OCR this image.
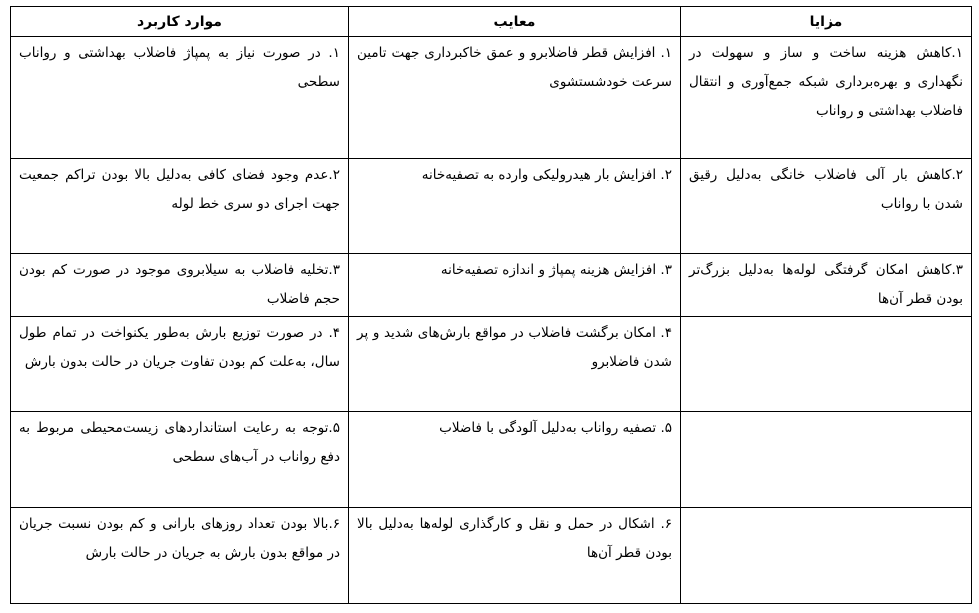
مزایا	معایب	موارد کاربرد
۱.کاهش هزینه ساخت و ساز و سهولت در نگهداری و بهره‌برداری شبکه جمع‌آوری و انتقال فاضلاب بهداشتی و رواناب	۱. افزایش قطر فاضلابرو و عمق خاکبرداری جهت تامین سرعت خودشستشوی	۱. در صورت نیاز به پمپاژ فاضلاب بهداشتی و رواناب سطحی
۲.کاهش بار آلی فاضلاب خانگی به‌دلیل رقیق شدن با رواناب	۲. افزایش بار هیدرولیکی وارده به تصفیه‌خانه	۲.عدم وجود فضای کافی به‌دلیل بالا بودن تراکم جمعیت جهت اجرای دو سری خط لوله
۳.کاهش امکان گرفتگی لوله‌ها به‌دلیل بزرگ‌تر بودن قطر آن‌ها	۳. افزایش هزینه پمپاژ و اندازه تصفیه‌خانه	۳.تخلیه فاضلاب به سیلابروی موجود در صورت کم بودن حجم فاضلاب
	۴. امکان برگشت فاضلاب در مواقع بارش‌های شدید و پر شدن فاضلابرو	۴. در صورت توزیع بارش به‌طور یکنواخت در تمام طول سال، به‌علت کم بودن تفاوت جریان در حالت بدون بارش
	۵. تصفیه رواناب به‌دلیل آلودگی با فاضلاب	۵.توجه به رعایت استانداردهای زیست‌محیطی مربوط به دفع رواناب در آب‌های سطحی
	۶. اشکال در حمل و نقل و کارگذاری لوله‌ها به‌دلیل بالا بودن قطر آن‌ها	۶.بالا بودن تعداد روزهای بارانی و کم بودن نسبت جریان در مواقع بدون بارش به جریان در حالت بارش
